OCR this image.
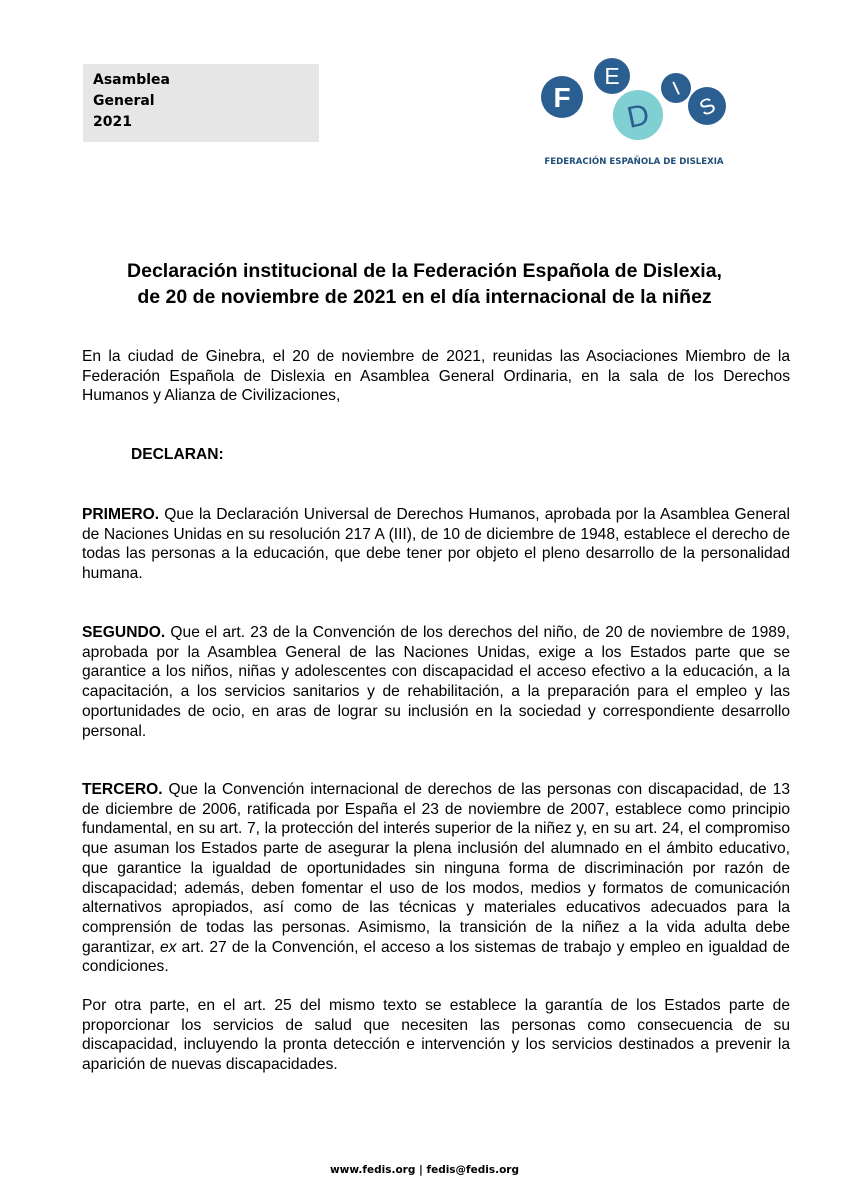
Asamblea
General
2021
F
E
D
I
S
FEDERACIÓN ESPAÑOLA DE DISLEXIA
Declaración institucional de la Federación Española de Dislexia,
de 20 de noviembre de 2021 en el día internacional de la niñez

En la ciudad de Ginebra, el 20 de noviembre de 2021, reunidas las Asociaciones Miembro de la Federación Española de Dislexia en Asamblea General Ordinaria, en la sala de los Derechos Humanos y Alianza de Civilizaciones,

DECLARAN:

PRIMERO. Que la Declaración Universal de Derechos Humanos, aprobada por la Asamblea General de Naciones Unidas en su resolución 217 A (III), de 10 de diciembre de 1948, establece el derecho de todas las personas a la educación, que debe tener por objeto el pleno desarrollo de la personalidad humana.

SEGUNDO. Que el art. 23 de la Convención de los derechos del niño, de 20 de noviembre de 1989, aprobada por la Asamblea General de las Naciones Unidas, exige a los Estados parte que se garantice a los niños, niñas y adolescentes con discapacidad el acceso efectivo a la educación, a la capacitación, a los servicios sanitarios y de rehabilitación, a la preparación para el empleo y las oportunidades de ocio, en aras de lograr su inclusión en la sociedad y correspondiente desarrollo personal.

TERCERO. Que la Convención internacional de derechos de las personas con discapacidad, de 13 de diciembre de 2006, ratificada por España el 23 de noviembre de 2007, establece como principio fundamental, en su art. 7, la protección del interés superior de la niñez y, en su art. 24, el compromiso que asuman los Estados parte de asegurar la plena inclusión del alumnado en el ámbito educativo, que garantice la igualdad de oportunidades sin ninguna forma de discriminación por razón de discapacidad; además, deben fomentar el uso de los modos, medios y formatos de comunicación alternativos apropiados, así como de las técnicas y materiales educativos adecuados para la comprensión de todas las personas. Asimismo, la transición de la niñez a la vida adulta debe garantizar, ex art. 27 de la Convención, el acceso a los sistemas de trabajo y empleo en igualdad de condiciones.

Por otra parte, en el art. 25 del mismo texto se establece la garantía de los Estados parte de proporcionar los servicios de salud que necesiten las personas como consecuencia de su discapacidad, incluyendo la pronta detección e intervención y los servicios destinados a prevenir la aparición de nuevas discapacidades.

www.fedis.org | fedis@fedis.org
